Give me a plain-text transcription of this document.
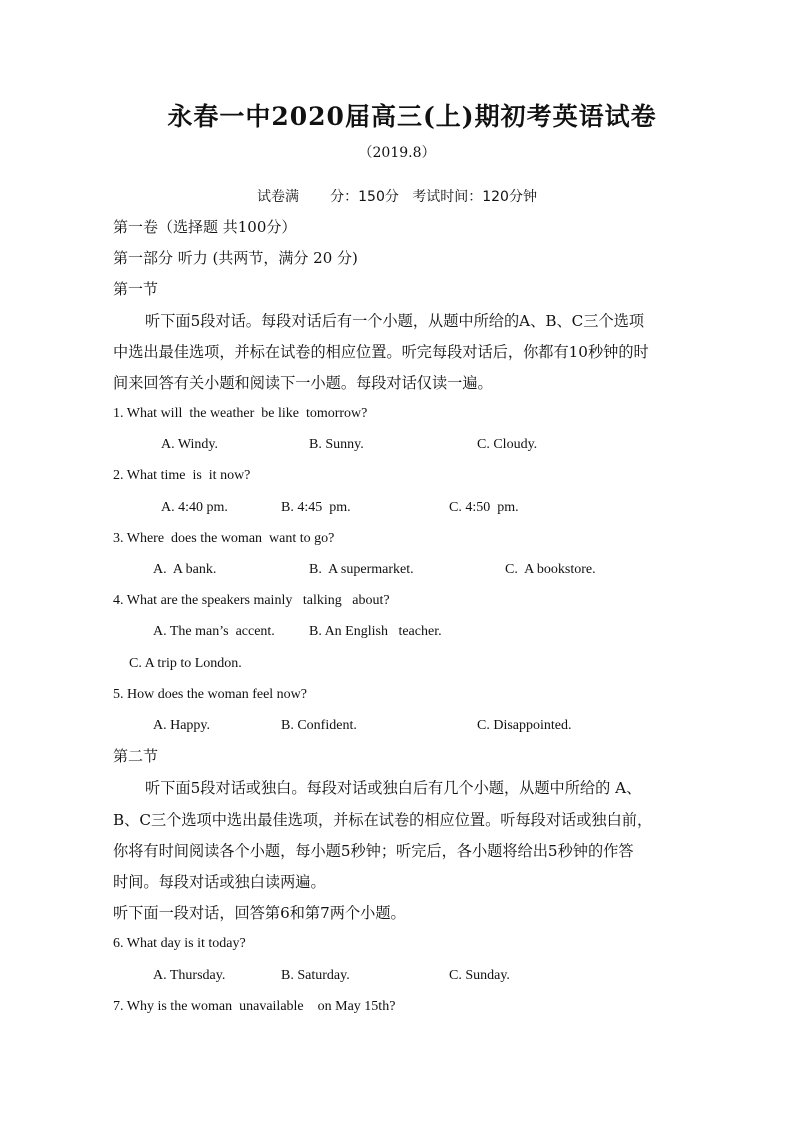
永春一中2020届高三(上)期初考英语试卷
（2019.8）
试卷满       分：150分   考试时间：120分钟
第一卷（选择题 共100分）
第一部分 听力 (共两节，满分 20 分)
第一节
听下面5段对话。每段对话后有一个小题，从题中所给的A、B、C三个选项
中选出最佳选项，并标在试卷的相应位置。听完每段对话后，你都有10秒钟的时
间来回答有关小题和阅读下一小题。每段对话仅读一遍。
1. What will  the weather  be like  tomorrow?
A. Windy.	B. Sunny.	C. Cloudy.
2. What time  is  it now?
A. 4:40 pm.	B. 4:45  pm.	C. 4:50  pm.
3. Where  does the woman  want to go?
A.  A bank.	B.  A supermarket.	C.  A bookstore.
4. What are the speakers mainly   talking   about?
A. The man’s  accent. B. An English   teacher.
C. A trip to London.
5. How does the woman feel now?
A. Happy.	B. Confident.	C. Disappointed.
第二节
听下面5段对话或独白。每段对话或独白后有几个小题，从题中所给的 A、
B、C三个选项中选出最佳选项，并标在试卷的相应位置。听每段对话或独白前，
你将有时间阅读各个小题，每小题5秒钟；听完后，各小题将给出5秒钟的作答
时间。每段对话或独白读两遍。
听下面一段对话，回答第6和第7两个小题。
6. What day is it today?
A. Thursday.	B. Saturday.	C. Sunday.
7. Why is the woman  unavailable    on May 15th?
